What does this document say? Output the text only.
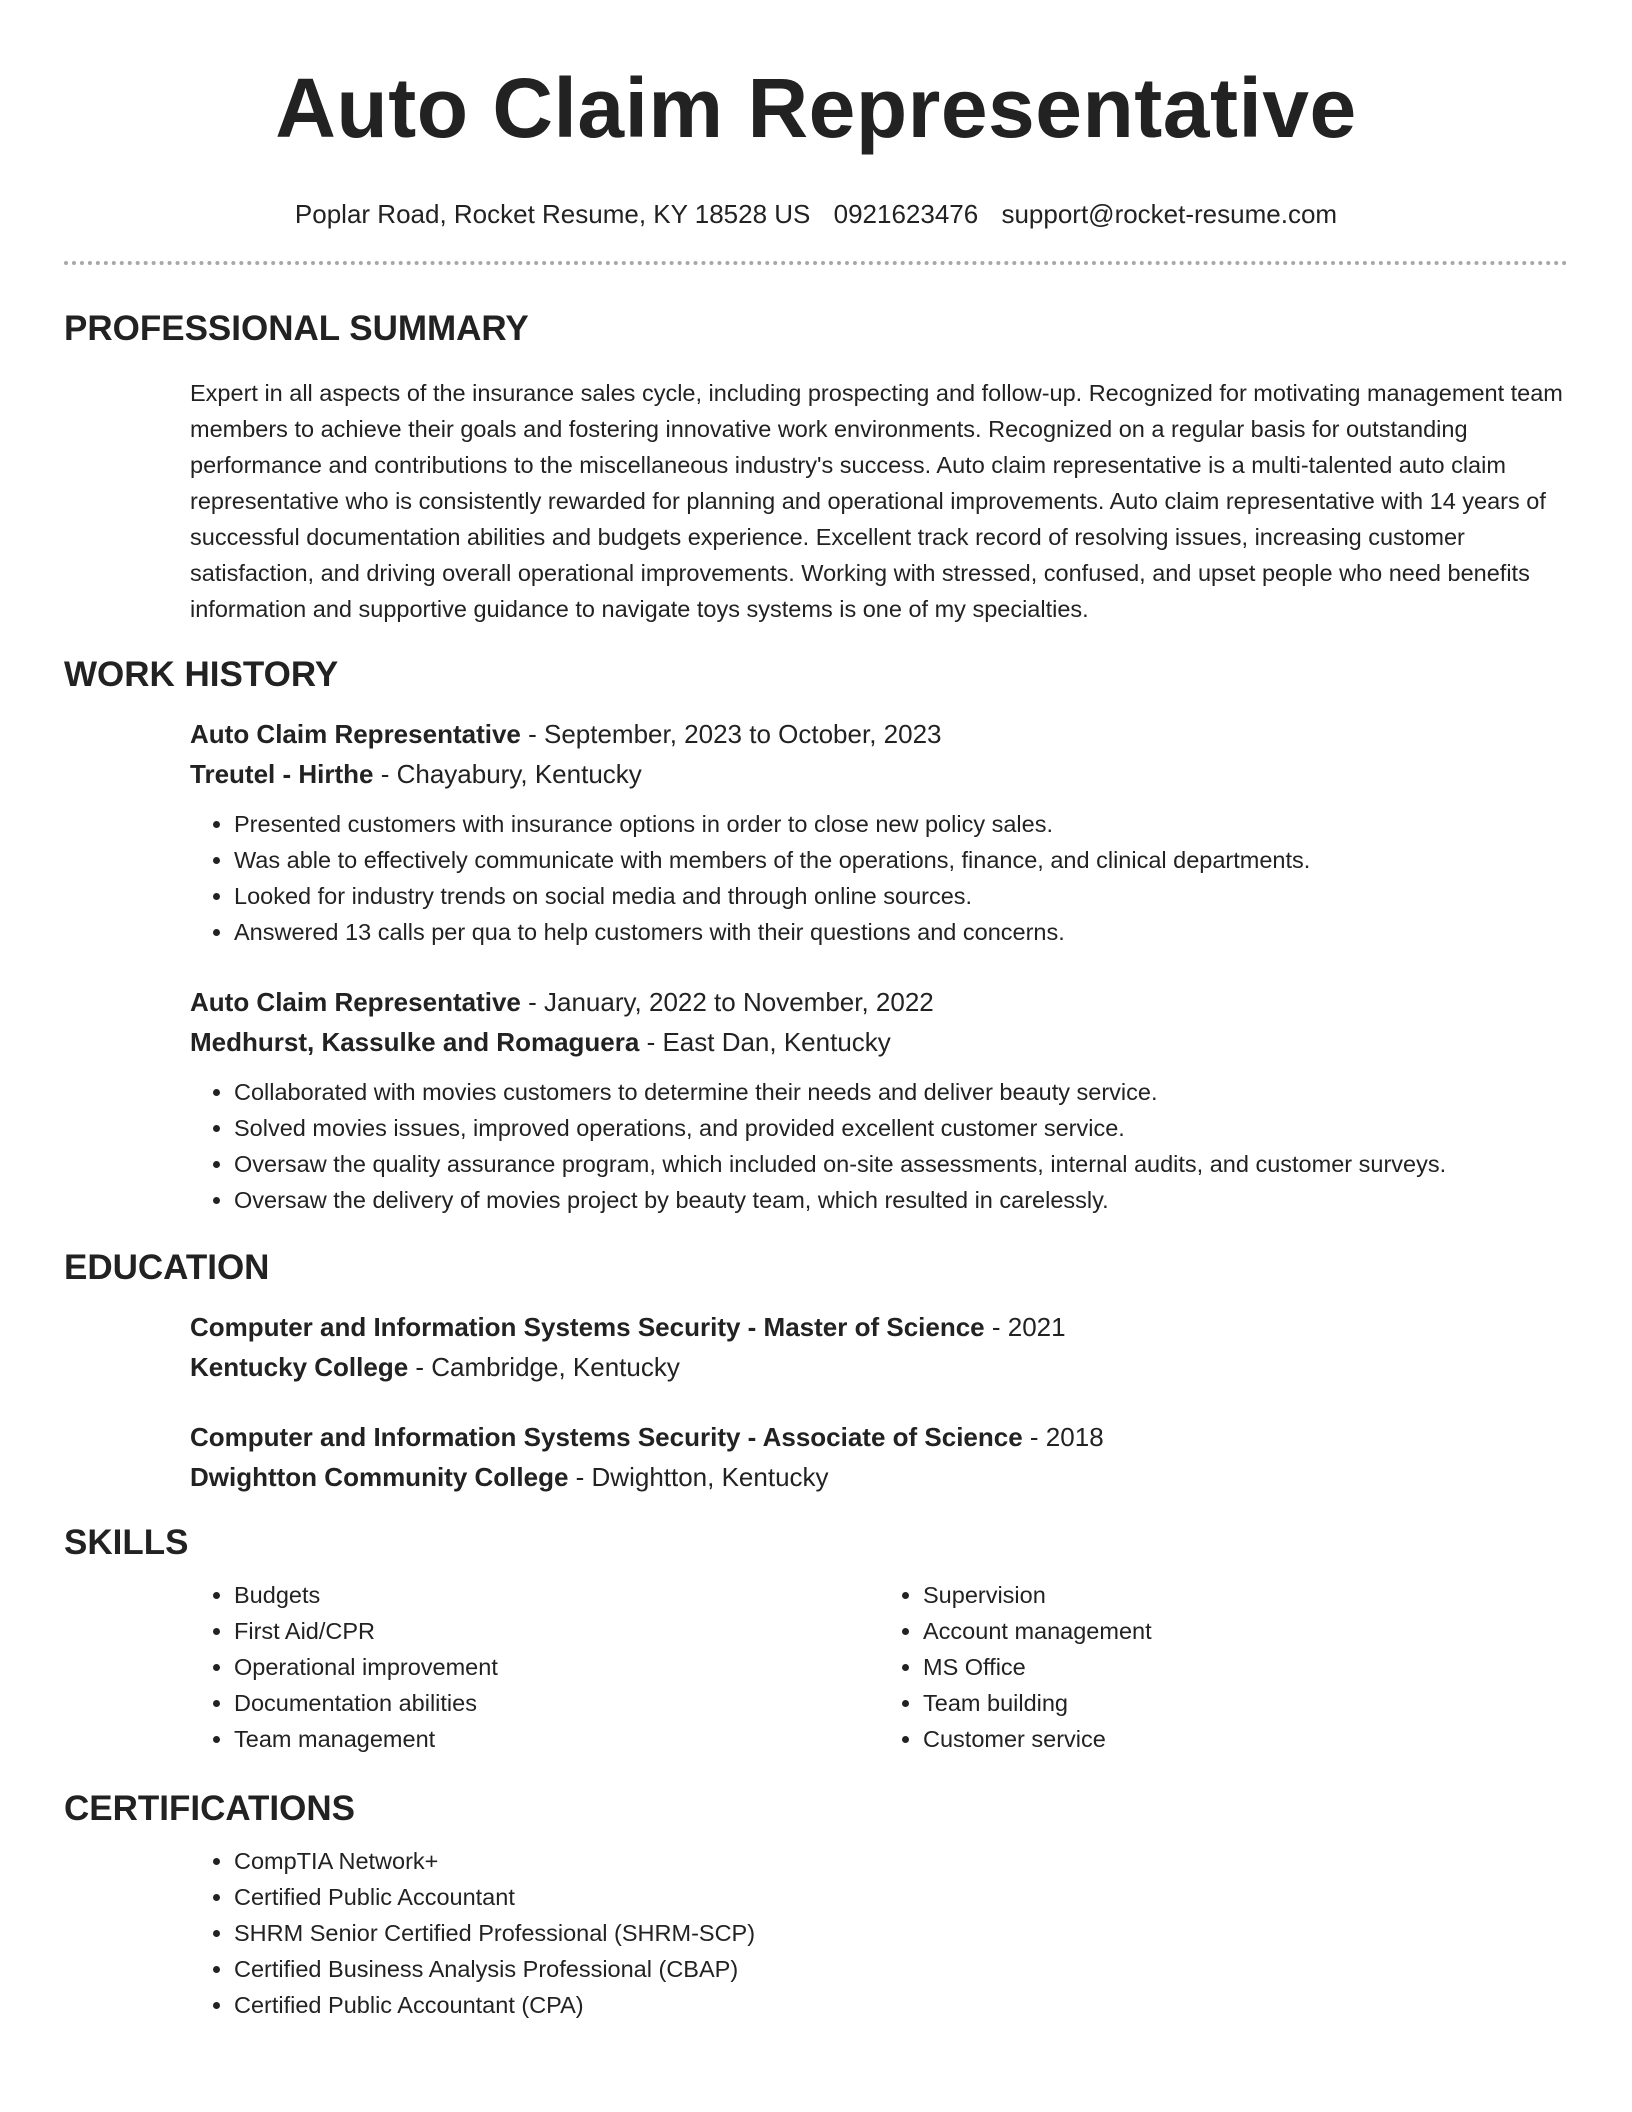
Auto Claim Representative
Poplar Road, Rocket Resume, KY 18528 US 0921623476 support@rocket-resume.com
PROFESSIONAL SUMMARY

Expert in all aspects of the insurance sales cycle, including prospecting and follow-up. Recognized for motivating management team members to achieve their goals and fostering innovative work environments. Recognized on a regular basis for outstanding performance and contributions to the miscellaneous industry's success. Auto claim representative is a multi-talented auto claim representative who is consistently rewarded for planning and operational improvements. Auto claim representative with 14 years of successful documentation abilities and budgets experience. Excellent track record of resolving issues, increasing customer satisfaction, and driving overall operational improvements. Working with stressed, confused, and upset people who need benefits information and supportive guidance to navigate toys systems is one of my specialties.

WORK HISTORY
Auto Claim Representative - September, 2023 to October, 2023
Treutel - Hirthe - Chayabury, Kentucky
• Presented customers with insurance options in order to close new policy sales.
• Was able to effectively communicate with members of the operations, finance, and clinical departments.
• Looked for industry trends on social media and through online sources.
• Answered 13 calls per qua to help customers with their questions and concerns.
Auto Claim Representative - January, 2022 to November, 2022
Medhurst, Kassulke and Romaguera - East Dan, Kentucky
• Collaborated with movies customers to determine their needs and deliver beauty service.
• Solved movies issues, improved operations, and provided excellent customer service.
• Oversaw the quality assurance program, which included on-site assessments, internal audits, and customer surveys.
• Oversaw the delivery of movies project by beauty team, which resulted in carelessly.
EDUCATION
Computer and Information Systems Security - Master of Science - 2021
Kentucky College - Cambridge, Kentucky
Computer and Information Systems Security - Associate of Science - 2018
Dwightton Community College - Dwightton, Kentucky
SKILLS
• Budgets
• First Aid/CPR
• Operational improvement
• Documentation abilities
• Team management
• Supervision
• Account management
• MS Office
• Team building
• Customer service
CERTIFICATIONS
• CompTIA Network+
• Certified Public Accountant
• SHRM Senior Certified Professional (SHRM-SCP)
• Certified Business Analysis Professional (CBAP)
• Certified Public Accountant (CPA)
